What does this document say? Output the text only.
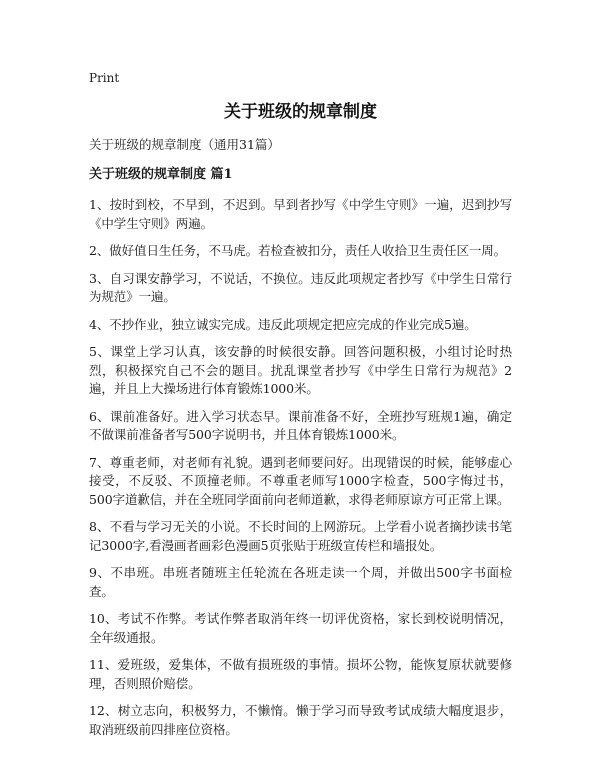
Print
关于班级的规章制度
关于班级的规章制度（通用31篇）
关于班级的规章制度 篇1

1、按时到校，不早到，不迟到。早到者抄写《中学生守则》一遍，迟到抄写《中学生守则》两遍。

2、做好值日生任务，不马虎。若检查被扣分，责任人收拾卫生责任区一周。

3、自习课安静学习，不说话，不换位。违反此项规定者抄写《中学生日常行为规范》一遍。

4、不抄作业，独立诚实完成。违反此项规定把应完成的作业完成5遍。

5、课堂上学习认真，该安静的时候很安静。回答问题积极，小组讨论时热烈，积极探究自己不会的题目。扰乱课堂者抄写《中学生日常行为规范》2遍，并且上大操场进行体育锻炼1000米。

6、课前准备好。进入学习状态早。课前准备不好，全班抄写班规1遍，确定不做课前准备者写500字说明书，并且体育锻炼1000米。

7、尊重老师，对老师有礼貌。遇到老师要问好。出现错误的时候，能够虚心接受，不反驳、不顶撞老师。不尊重老师写1000字检查，500字悔过书，500字道歉信，并在全班同学面前向老师道歉，求得老师原谅方可正常上课。

8、不看与学习无关的小说。不长时间的上网游玩。上学看小说者摘抄读书笔记3000字,看漫画者画彩色漫画5页张贴于班级宣传栏和墙报处。

9、不串班。串班者随班主任轮流在各班走读一个周，并做出500字书面检查。

10、考试不作弊。考试作弊者取消年终一切评优资格，家长到校说明情况，全年级通报。

11、爱班级，爱集体，不做有损班级的事情。损坏公物，能恢复原状就要修理，否则照价赔偿。

12、树立志向，积极努力，不懒惰。懒于学习而导致考试成绩大幅度退步，取消班级前四排座位资格。
